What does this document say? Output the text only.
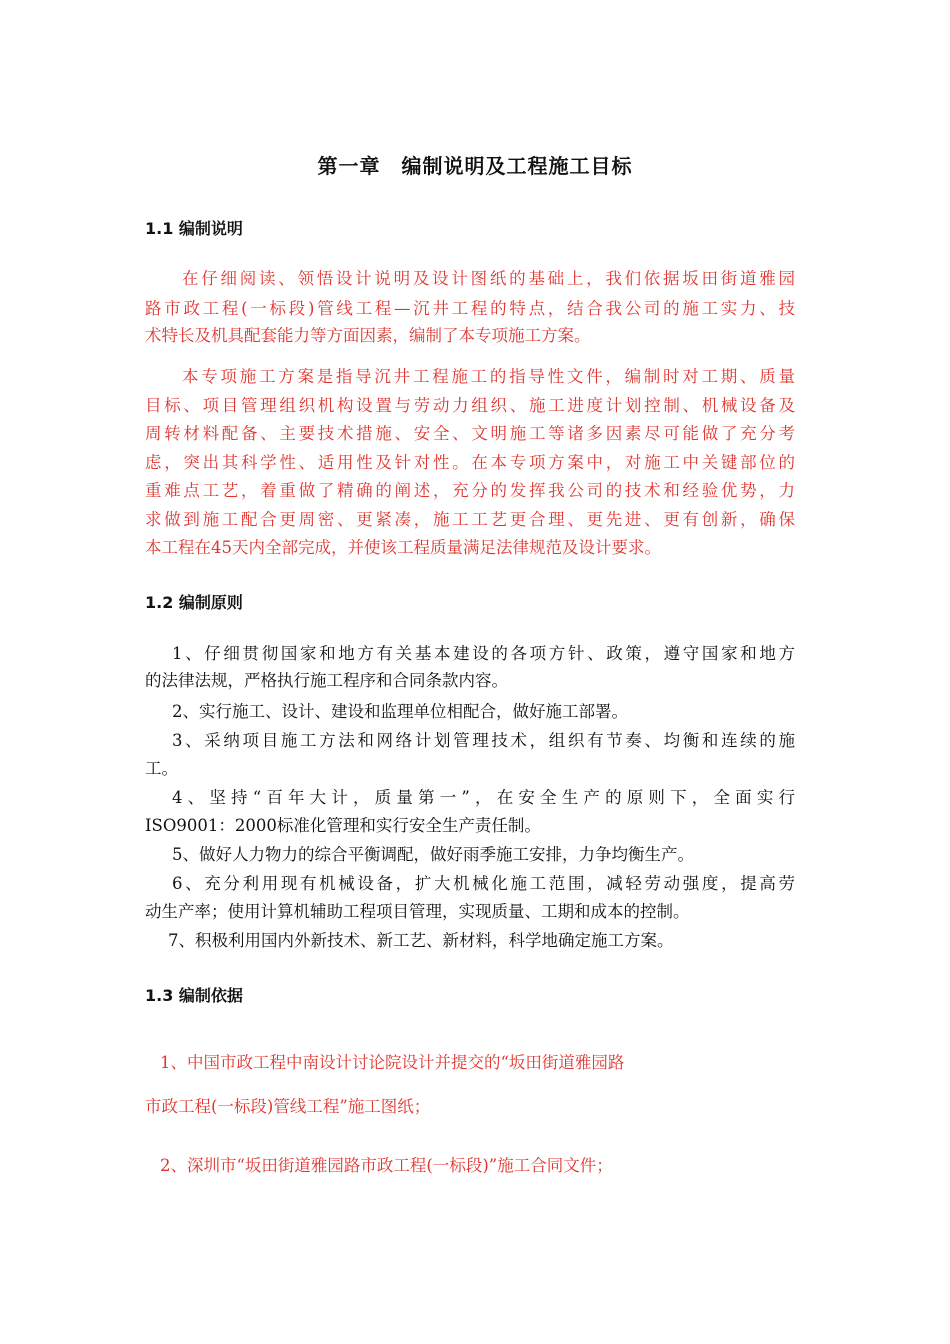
第一章　编制说明及工程施工目标
1.1 编制说明
在仔细阅读、领悟设计说明及设计图纸的基础上，我们依据坂田街道雅园
路市政工程(一标段)管线工程—沉井工程的特点，结合我公司的施工实力、技
术特长及机具配套能力等方面因素，编制了本专项施工方案。
本专项施工方案是指导沉井工程施工的指导性文件，编制时对工期、质量
目标、项目管理组织机构设置与劳动力组织、施工进度计划控制、机械设备及
周转材料配备、主要技术措施、安全、文明施工等诸多因素尽可能做了充分考
虑，突出其科学性、适用性及针对性。在本专项方案中，对施工中关键部位的
重难点工艺，着重做了精确的阐述，充分的发挥我公司的技术和经验优势，力
求做到施工配合更周密、更紧凑，施工工艺更合理、更先进、更有创新，确保
本工程在45天内全部完成，并使该工程质量满足法律规范及设计要求。
1.2 编制原则
1、仔细贯彻国家和地方有关基本建设的各项方针、政策，遵守国家和地方
的法律法规，严格执行施工程序和合同条款内容。
2、实行施工、设计、建设和监理单位相配合，做好施工部署。
3、采纳项目施工方法和网络计划管理技术，组织有节奏、均衡和连续的施
工。
4、坚持“百年大计，质量第一”，在安全生产的原则下，全面实行
ISO9001：2000标准化管理和实行安全生产责任制。
5、做好人力物力的综合平衡调配，做好雨季施工安排，力争均衡生产。
6、充分利用现有机械设备，扩大机械化施工范围，减轻劳动强度，提高劳
动生产率；使用计算机辅助工程项目管理，实现质量、工期和成本的控制。
7、积极利用国内外新技术、新工艺、新材料，科学地确定施工方案。
1.3 编制依据
1、中国市政工程中南设计讨论院设计并提交的“坂田街道雅园路
市政工程(一标段)管线工程”施工图纸；
2、深圳市“坂田街道雅园路市政工程(一标段)”施工合同文件；
